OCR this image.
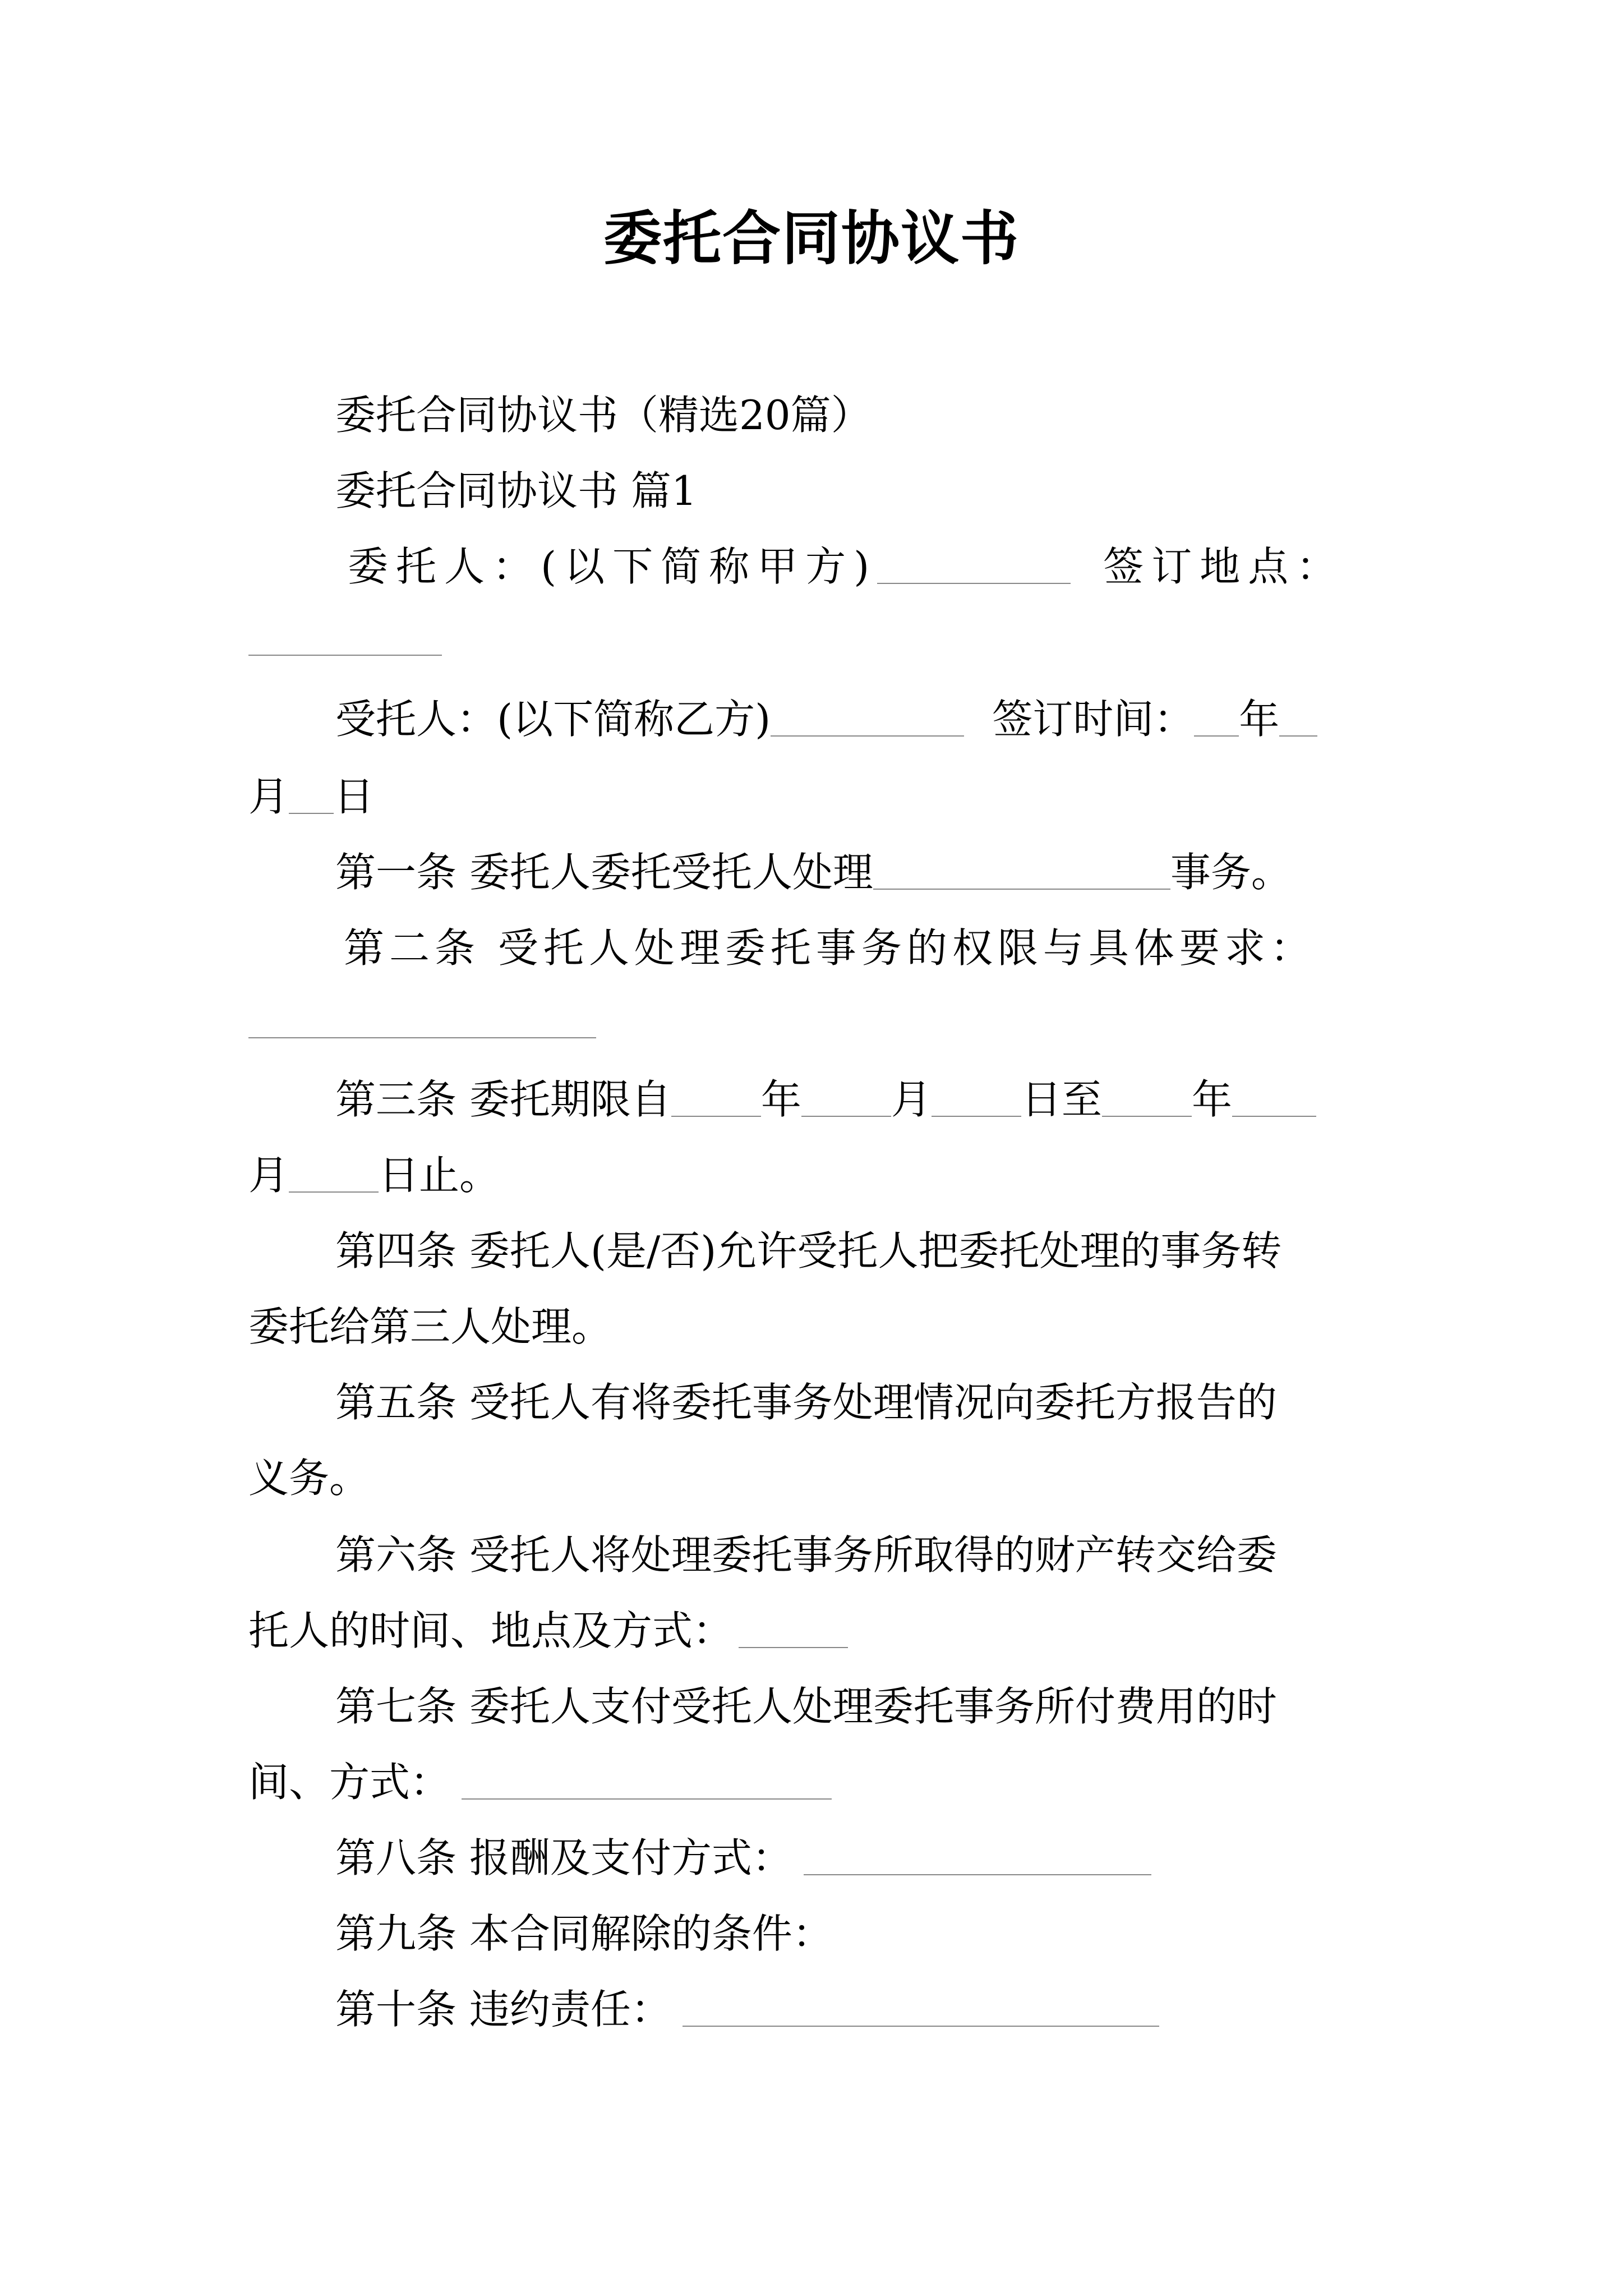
委托合同协议书
委托合同协议书（精选20篇）
委托合同协议书 篇1
委托人：(以下简称甲方)	签订地点：
受托人：(以下简称乙方)	签订时间： 年
月 日
第一条 委托人委托受托人处理	事务。
第二条 受托人处理委托事务的权限与具体要求：
第三条 委托期限自 年 月 日至 年
月 日止。
第四条 委托人(是/否)允许受托人把委托处理的事务转
委托给第三人处理。
第五条 受托人有将委托事务处理情况向委托方报告的
义务。
第六条 受托人将处理委托事务所取得的财产转交给委
托人的时间、地点及方式：
第七条 委托人支付受托人处理委托事务所付费用的时
间、方式：
第八条 报酬及支付方式：
第九条 本合同解除的条件：
第十条 违约责任：
